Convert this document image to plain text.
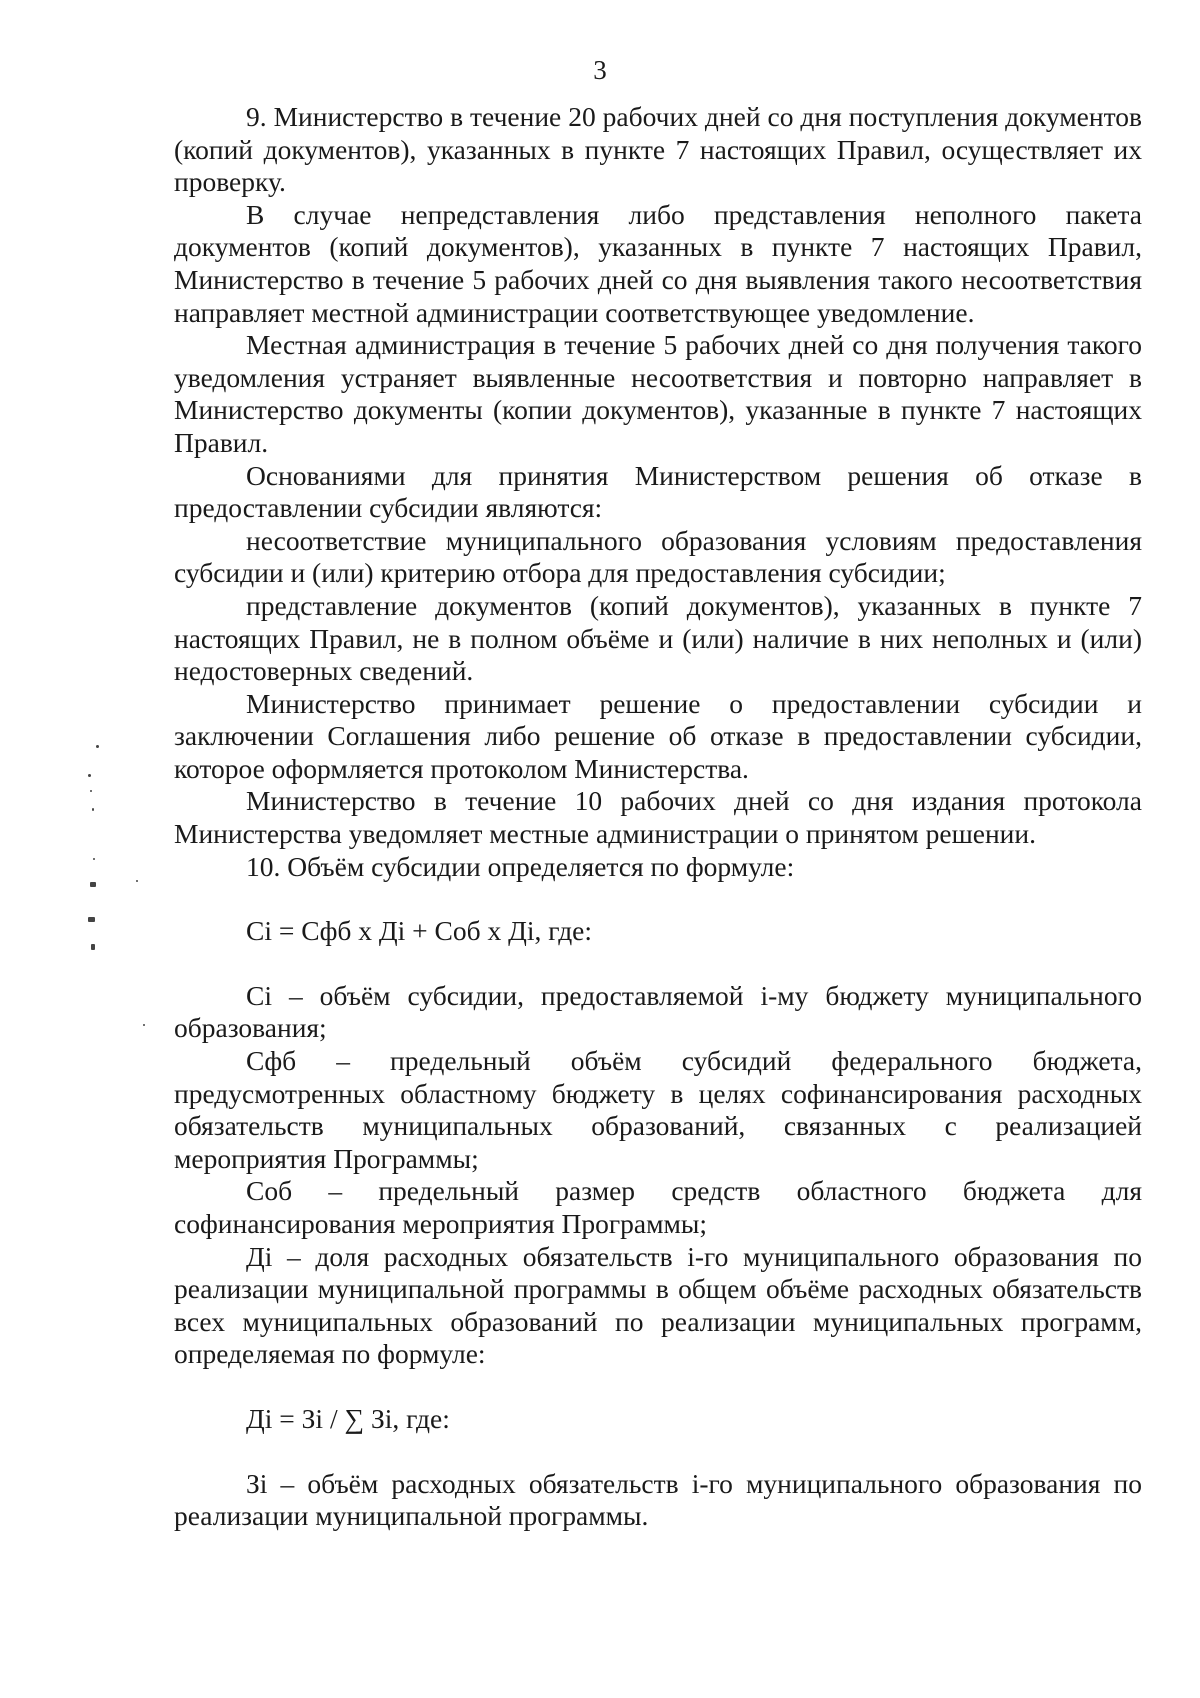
3

9. Министерство в течение 20 рабочих дней со дня поступления документов (копий документов), указанных в пункте 7 настоящих Правил, осуществляет их проверку.

В случае непредставления либо представления неполного пакета документов (копий документов), указанных в пункте 7 настоящих Правил, Министерство в течение 5 рабочих дней со дня выявления такого несоответствия направляет местной администрации соответствующее уведомление.

Местная администрация в течение 5 рабочих дней со дня получения такого уведомления устраняет выявленные несоответствия и повторно направляет в Министерство документы (копии документов), указанные в пункте 7 настоящих Правил.

Основаниями для принятия Министерством решения об отказе в предоставлении субсидии являются:

несоответствие муниципального образования условиям предоставления субсидии и (или) критерию отбора для предоставления субсидии;

представление документов (копий документов), указанных в пункте 7 настоящих Правил, не в полном объёме и (или) наличие в них неполных и (или) недостоверных сведений.

Министерство принимает решение о предоставлении субсидии и заключении Соглашения либо решение об отказе в предоставлении субсидии, которое оформляется протоколом Министерства.

Министерство в течение 10 рабочих дней со дня издания протокола Министерства уведомляет местные администрации о принятом решении.

10. Объём субсидии определяется по формуле:

Сi = Сфб х Дi + Соб х Дi, где:

Сi – объём субсидии, предоставляемой i-му бюджету муниципального образования;

Сфб – предельный объём субсидий федерального бюджета, предусмотренных областному бюджету в целях софинансирования расходных обязательств муниципальных образований, связанных с реализацией мероприятия Программы;

Соб – предельный размер средств областного бюджета для софинансирования мероприятия Программы;

Дi – доля расходных обязательств i-го муниципального образования по реализации муниципальной программы в общем объёме расходных обязательств всех муниципальных образований по реализации муниципальных программ, определяемая по формуле:

Дi = Зi / ∑ Зi, где:

Зi – объём расходных обязательств i-го муниципального образования по реализации муниципальной программы.
